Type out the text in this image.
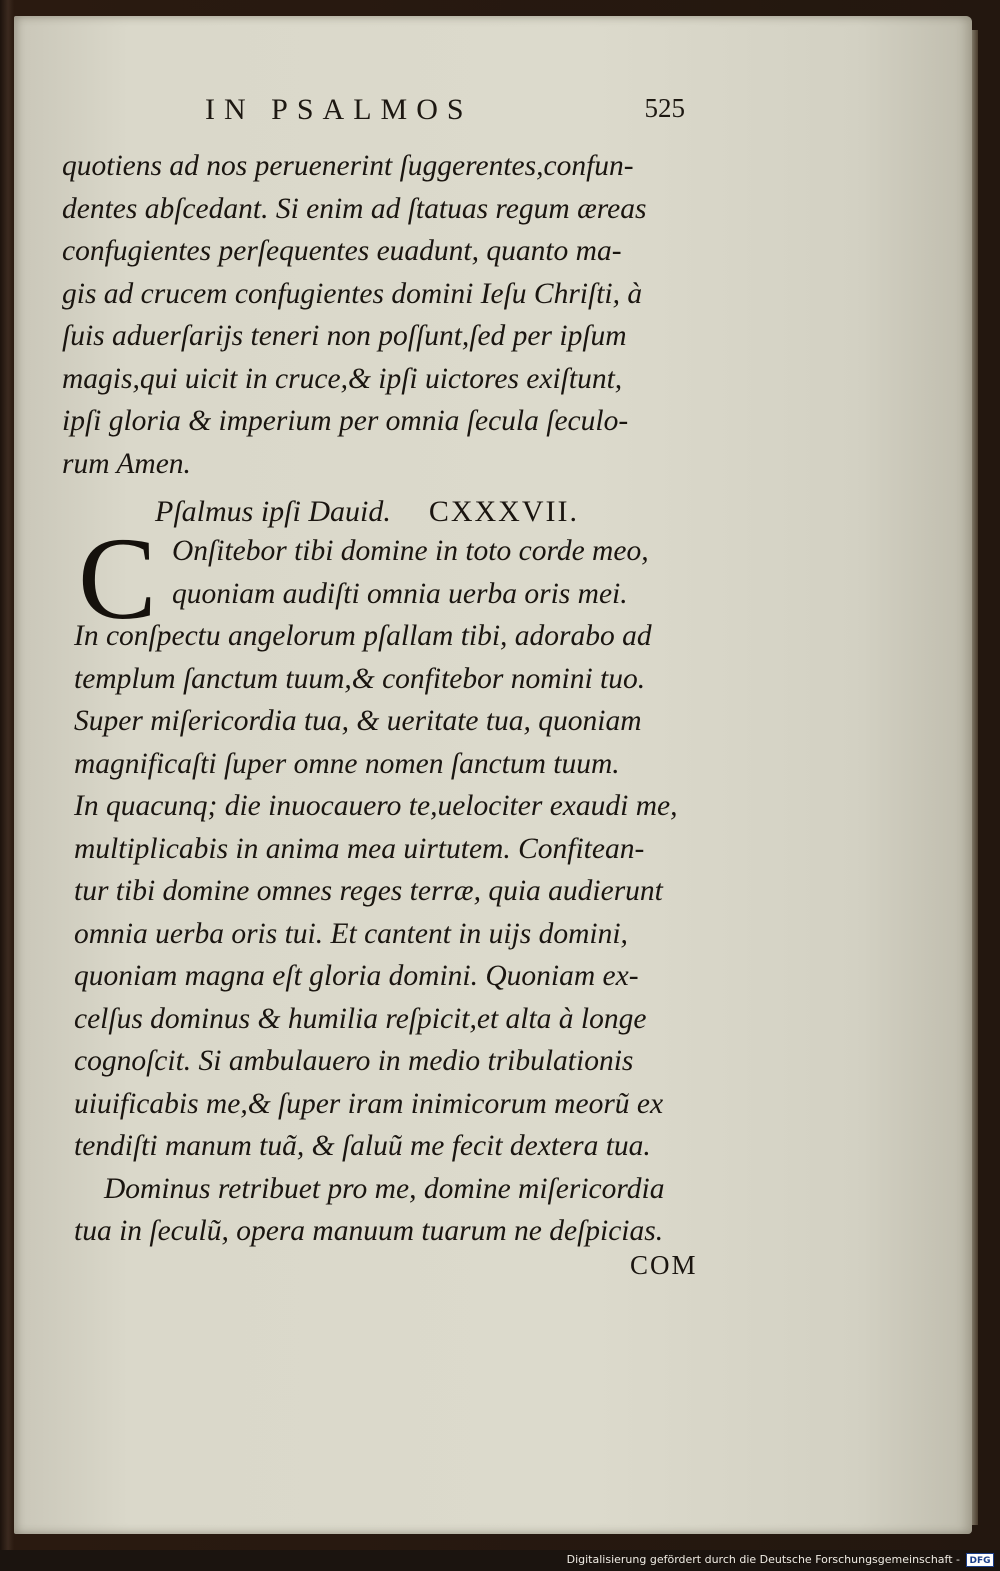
IN PSALMOS	525
quotiens ad nos peruenerint ſuggerentes,confun-
dentes abſcedant. Si enim ad ſtatuas regum æreas
confugientes perſequentes euadunt, quanto ma-
gis ad crucem confugientes domini Ieſu Chriſti, à
ſuis aduerſarijs teneri non poſſunt,ſed per ipſum
magis,qui uicit in cruce,& ipſi uictores exiſtunt,
ipſi gloria & imperium per omnia ſecula ſeculo-
rum Amen.
Onſitebor tibi domine in toto corde meo,
quoniam audiſti omnia uerba oris mei.
In conſpectu angelorum pſallam tibi, adorabo ad
templum ſanctum tuum,& confitebor nomini tuo.
Super miſericordia tua, & ueritate tua, quoniam
magnificaſti ſuper omne nomen ſanctum tuum.
In quacunq; die inuocauero te,uelociter exaudi me,
multiplicabis in anima mea uirtutem. Confitean-
tur tibi domine omnes reges terræ, quia audierunt
omnia uerba oris tui. Et cantent in uijs domini,
quoniam magna eſt gloria domini. Quoniam ex-
celſus dominus & humilia reſpicit,et alta à longe
cognoſcit. Si ambulauero in medio tribulationis
uiuificabis me,& ſuper iram inimicorum meorũ ex
tendiſti manum tuã, & ſaluũ me fecit dextera tua.
Dominus retribuet pro me, domine miſericordia
tua in ſeculũ, opera manuum tuarum ne deſpicias.
Pſalmus ipſi Dauid. CXXXVII.
C
COM
Digitalisierung gefördert durch die Deutsche Forschungsgemeinschaft -	DFG
